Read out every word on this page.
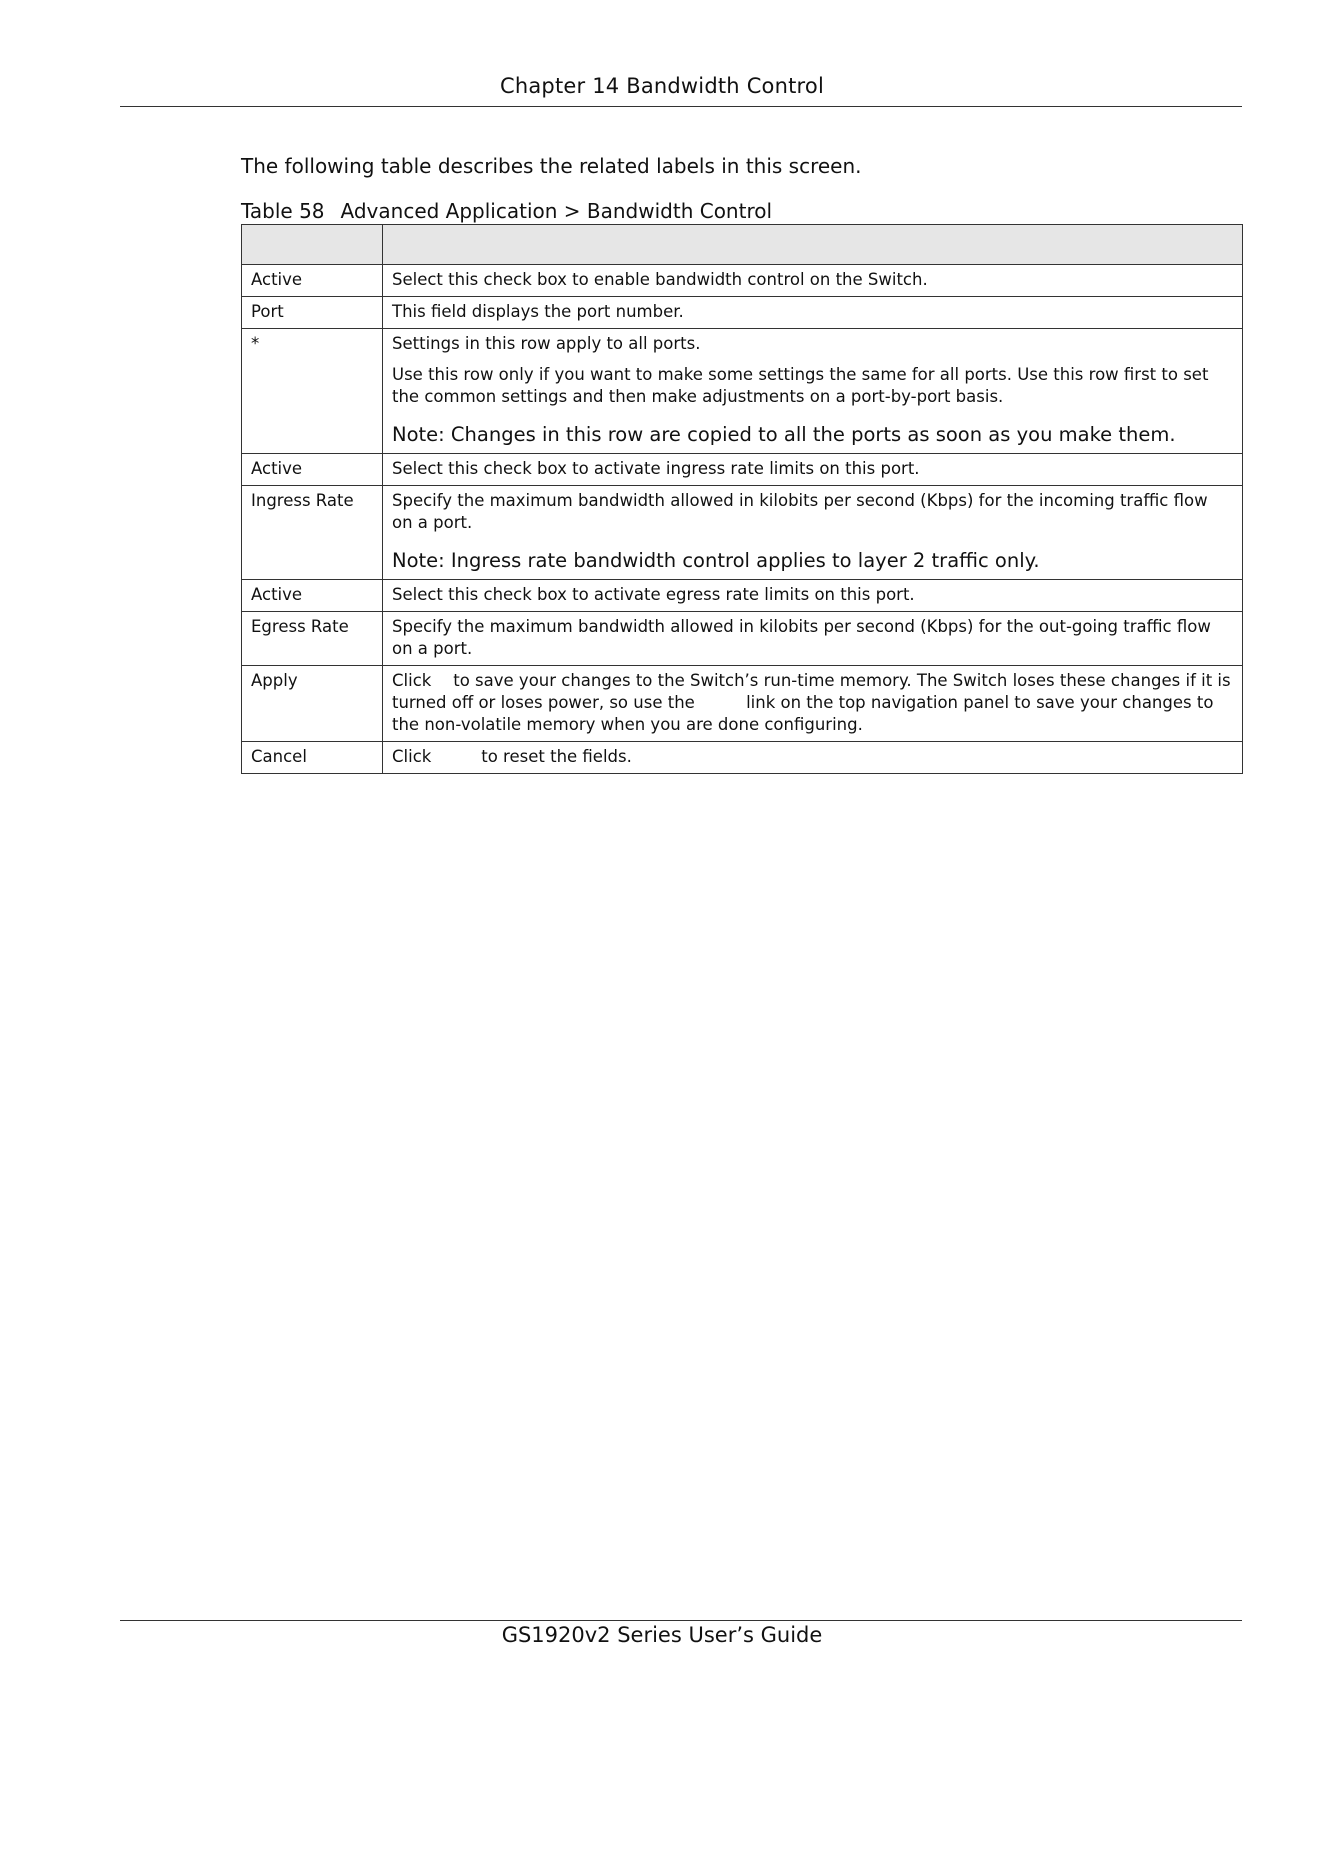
Chapter 14 Bandwidth Control
The following table describes the related labels in this screen.
Table 58 Advanced Application > Bandwidth Control

Active	Select this check box to enable bandwidth control on the Switch.

Port	This field displays the port number.

*	Settings in this row apply to all ports.

Use this row only if you want to make some settings the same for all ports. Use this row first to set the common settings and then make adjustments on a port-by-port basis.

Note: Changes in this row are copied to all the ports as soon as you make them.

Active	Select this check box to activate ingress rate limits on this port.

Ingress Rate	Specify the maximum bandwidth allowed in kilobits per second (Kbps) for the incoming traffic flow on a port.

Note: Ingress rate bandwidth control applies to layer 2 traffic only.

Active	Select this check box to activate egress rate limits on this port.

Egress Rate	Specify the maximum bandwidth allowed in kilobits per second (Kbps) for the out-going traffic flow on a port.

Apply	Click to save your changes to the Switch’s run-time memory. The Switch loses these changes if it is turned off or loses power, so use the link on the top navigation panel to save your changes to the non-volatile memory when you are done configuring.

Cancel	Click to reset the fields.

GS1920v2 Series User’s Guide
